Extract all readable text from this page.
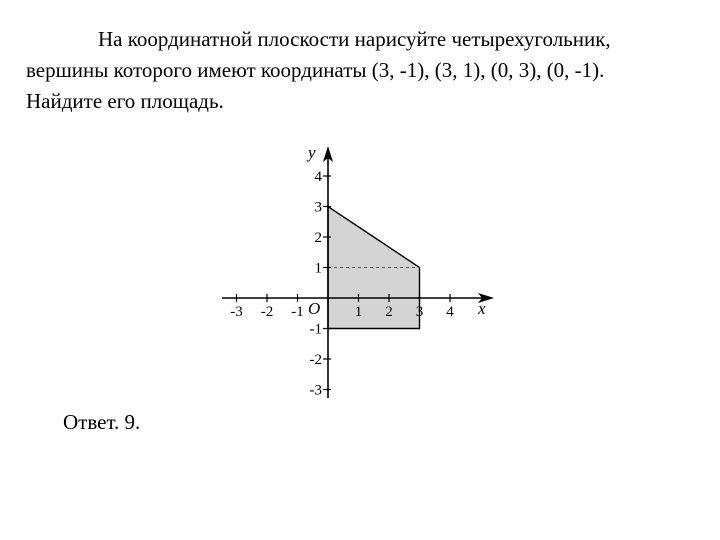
На координатной плоскости нарисуйте четырехугольник,
вершины которого имеют координаты (3, -1), (3, 1), (0, 3), (0, -1).
Найдите его площадь.
-3 -2 -1	1 2 3 4
4
3
2
1
-1
-2
-3
x
y
O
Ответ. 9.
